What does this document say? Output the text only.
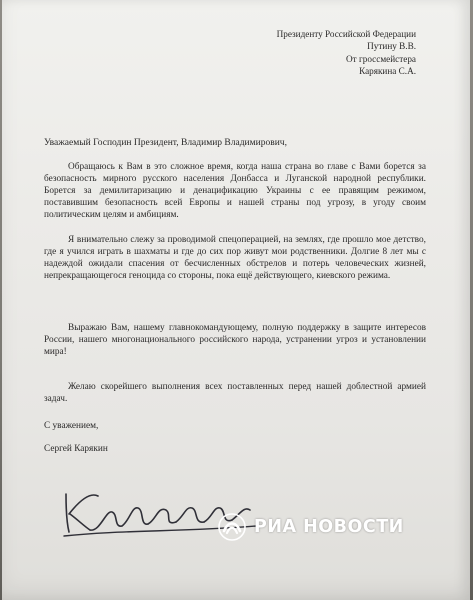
Президенту Российской Федерации
Путину В.В.
От гроссмейстера
Карякина С.А.
Уважаемый Господин Президент, Владимир Владимирович,

Обращаюсь к Вам в это сложное время, когда наша страна во главе с Вами борется за безопасность мирного русского населения Донбасса и Луганской народной республики. Борется за демилитаризацию и денацификацию Украины с ее правящим режимом, поставившим безопасность всей Европы и нашей страны под угрозу, в угоду своим политическим целям и амбициям.

Я внимательно слежу за проводимой спецоперацией, на землях, где прошло мое детство, где я учился играть в шахматы и где до сих пор живут мои родственники. Долгие 8 лет мы с надеждой ожидали спасения от бесчисленных обстрелов и потерь человеческих жизней, непрекращающегося геноцида со стороны, пока ещё действующего, киевского режима.

Выражаю Вам, нашему главнокомандующему, полную поддержку в защите интересов России, нашего многонационального российского народа, устранении угроз и установлении мира!

Желаю скорейшего выполнения всех поставленных перед нашей доблестной армией задач.

С уважением,
Сергей Карякин
РИА НОВОСТИ
